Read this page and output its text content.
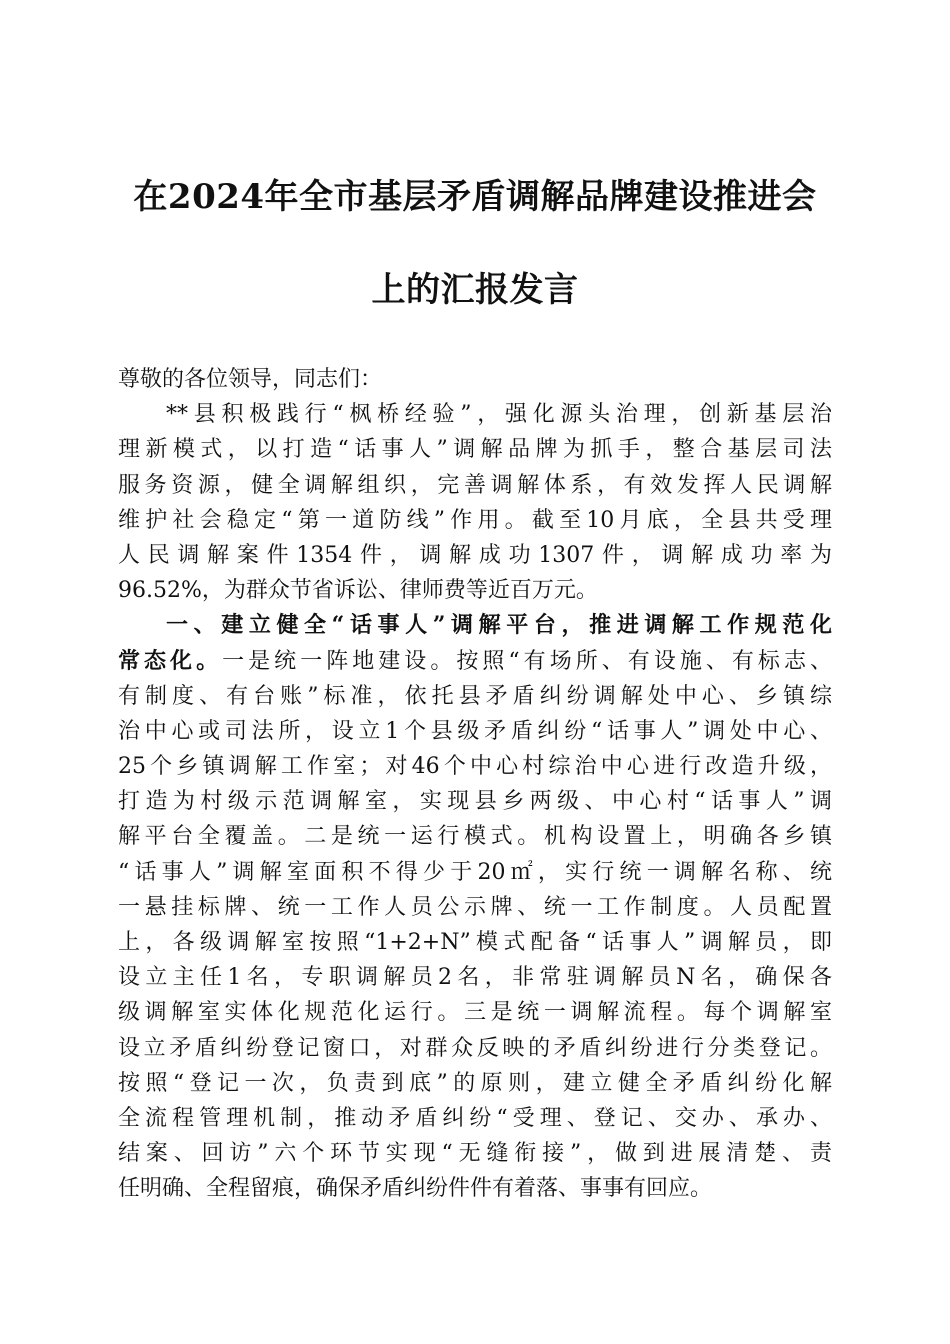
在2024年全市基层矛盾调解品牌建设推进会
上的汇报发言
尊敬的各位领导，同志们：
**县积极践行“枫桥经验”，强化源头治理，创新基层治
理新模式，以打造“话事人”调解品牌为抓手，整合基层司法
服务资源，健全调解组织，完善调解体系，有效发挥人民调解
维护社会稳定“第一道防线”作用。截至10月底，全县共受理
人民调解案件1354件，调解成功1307件，调解成功率为
96.52%，为群众节省诉讼、律师费等近百万元。
一、建立健全“话事人”调解平台，推进调解工作规范化
常态化。一是统一阵地建设。按照“有场所、有设施、有标志、
有制度、有台账”标准，依托县矛盾纠纷调解处中心、乡镇综
治中心或司法所，设立1个县级矛盾纠纷“话事人”调处中心、
25个乡镇调解工作室；对46个中心村综治中心进行改造升级，
打造为村级示范调解室，实现县乡两级、中心村“话事人”调
解平台全覆盖。二是统一运行模式。机构设置上，明确各乡镇
“话事人”调解室面积不得少于20㎡，实行统一调解名称、统
一悬挂标牌、统一工作人员公示牌、统一工作制度。人员配置
上，各级调解室按照“1+2+N”模式配备“话事人”调解员，即
设立主任1名，专职调解员2名，非常驻调解员N名，确保各
级调解室实体化规范化运行。三是统一调解流程。每个调解室
设立矛盾纠纷登记窗口，对群众反映的矛盾纠纷进行分类登记。
按照“登记一次，负责到底”的原则，建立健全矛盾纠纷化解
全流程管理机制，推动矛盾纠纷“受理、登记、交办、承办、
结案、回访”六个环节实现“无缝衔接”，做到进展清楚、责
任明确、全程留痕，确保矛盾纠纷件件有着落、事事有回应。
